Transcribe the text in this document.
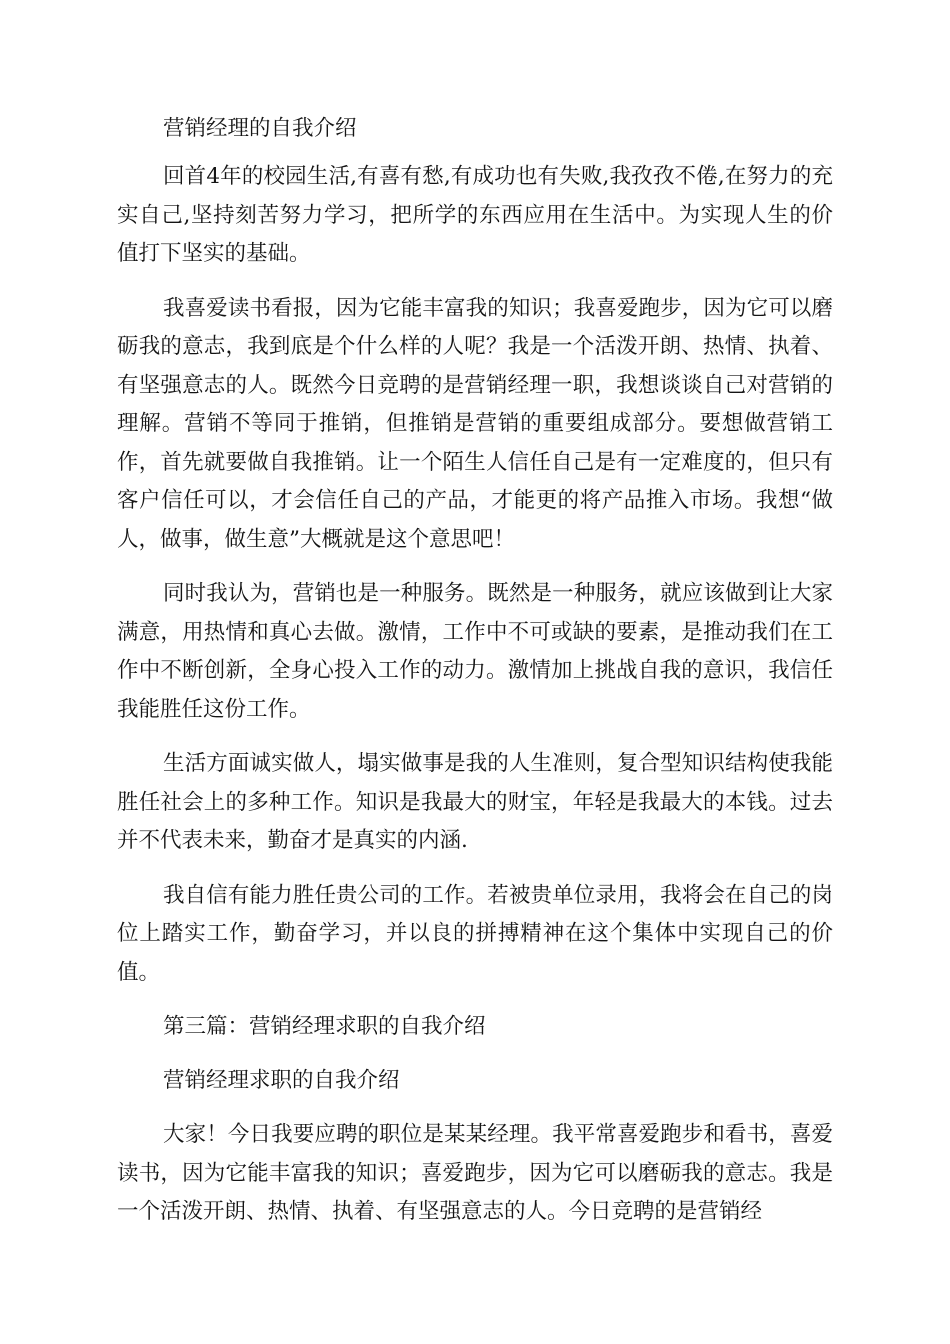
营销经理的自我介绍

回首4年的校园生活,有喜有愁,有成功也有失败,我孜孜不倦,在努力的充实自己,坚持刻苦努力学习，把所学的东西应用在生活中。为实现人生的价值打下坚实的基础。

我喜爱读书看报，因为它能丰富我的知识；我喜爱跑步，因为它可以磨砺我的意志，我到底是个什么样的人呢？我是一个活泼开朗、热情、执着、有坚强意志的人。既然今日竞聘的是营销经理一职，我想谈谈自己对营销的理解。营销不等同于推销，但推销是营销的重要组成部分。要想做营销工作，首先就要做自我推销。让一个陌生人信任自己是有一定难度的，但只有客户信任可以，才会信任自己的产品，才能更的将产品推入市场。我想“做人，做事，做生意”大概就是这个意思吧！

同时我认为，营销也是一种服务。既然是一种服务，就应该做到让大家满意，用热情和真心去做。激情，工作中不可或缺的要素，是推动我们在工作中不断创新，全身心投入工作的动力。激情加上挑战自我的意识，我信任我能胜任这份工作。

生活方面诚实做人，塌实做事是我的人生准则，复合型知识结构使我能胜任社会上的多种工作。知识是我最大的财宝，年轻是我最大的本钱。过去并不代表未来，勤奋才是真实的内涵.

我自信有能力胜任贵公司的工作。若被贵单位录用，我将会在自己的岗位上踏实工作，勤奋学习，并以良的拼搏精神在这个集体中实现自己的价值。

第三篇：营销经理求职的自我介绍

营销经理求职的自我介绍

大家！今日我要应聘的职位是某某经理。我平常喜爱跑步和看书，喜爱读书，因为它能丰富我的知识；喜爱跑步，因为它可以磨砺我的意志。我是一个活泼开朗、热情、执着、有坚强意志的人。今日竞聘的是营销经
